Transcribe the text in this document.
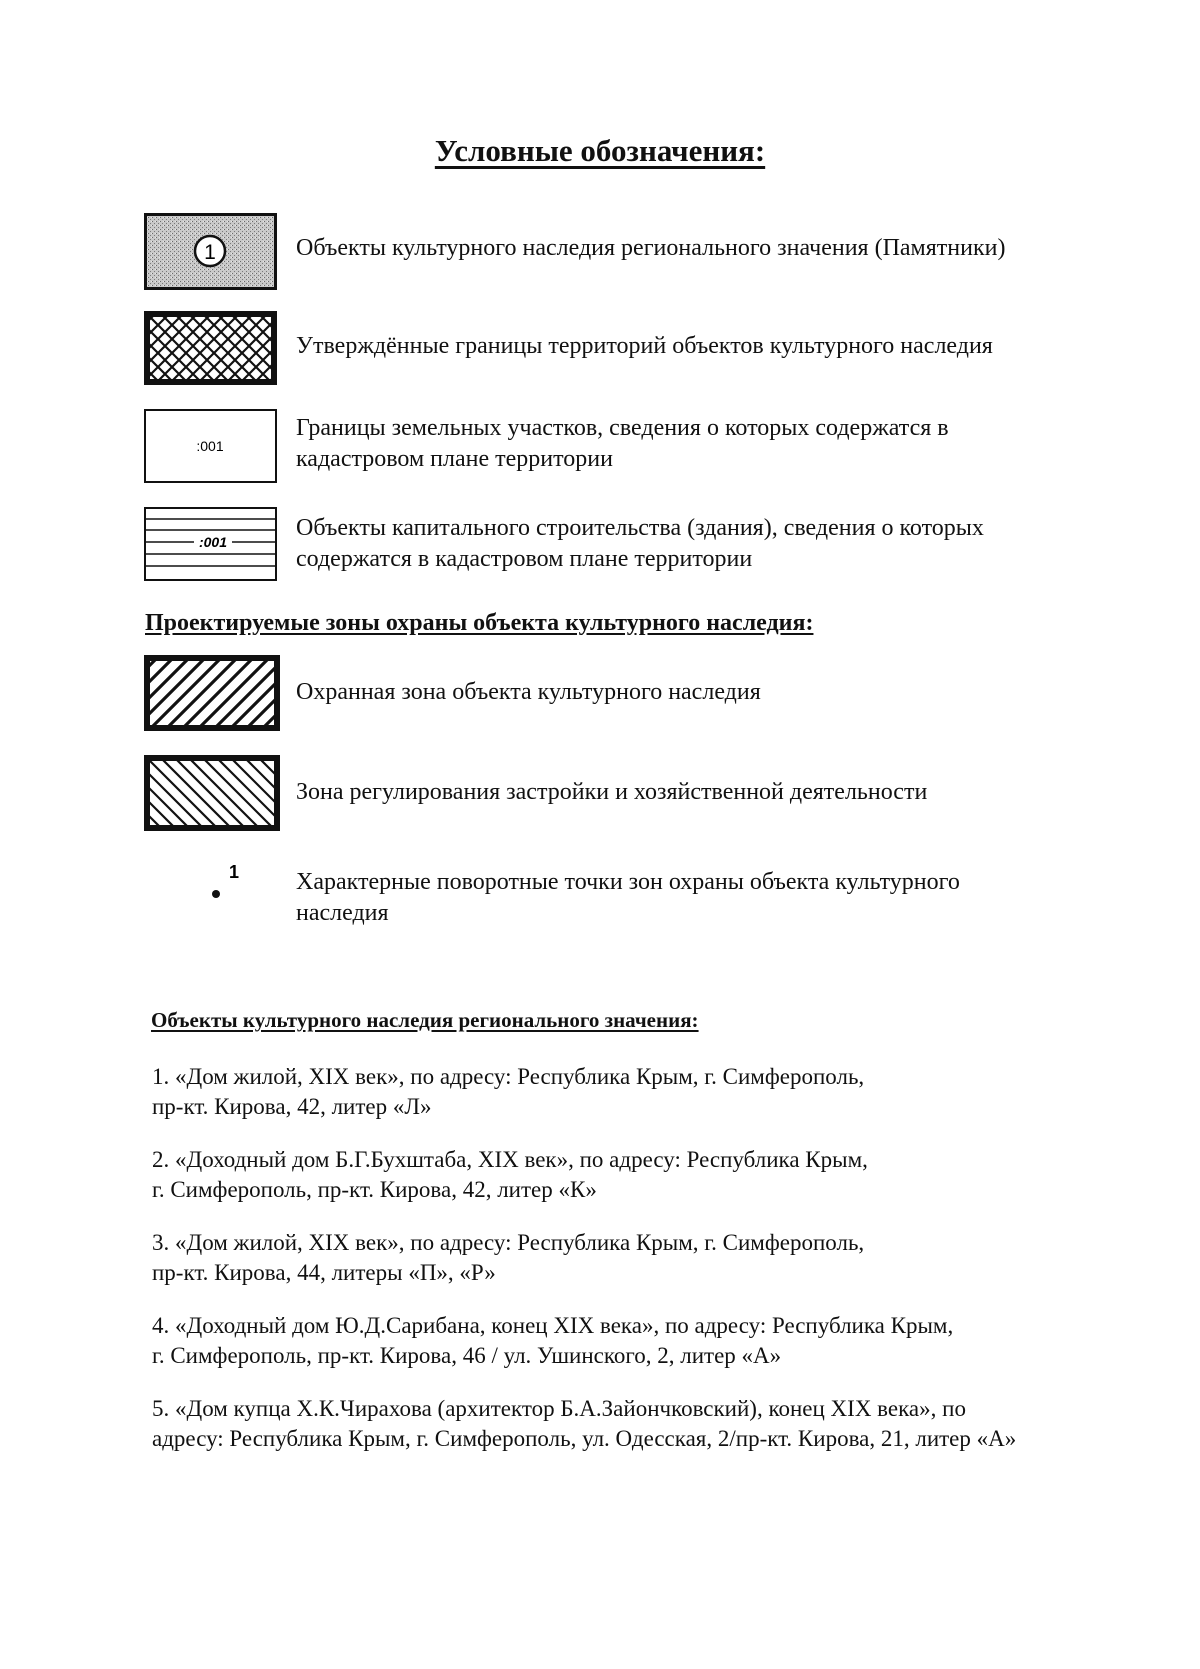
Условные обозначения:
1	Объекты культурного наследия регионального значения (Памятники)
Утверждённые границы территорий объектов культурного наследия
:001
Границы земельных участков, сведения о которых содержатся в
кадастровом плане территории
:001
Объекты капитального строительства (здания), сведения о которых
содержатся в кадастровом плане территории
Проектируемые зоны охраны объекта культурного наследия:
Охранная зона объекта культурного наследия
Зона регулирования застройки и хозяйственной деятельности
1 Характерные поворотные точки зон охраны объекта культурного
наследия
Объекты культурного наследия регионального значения:
1. «Дом жилой, XIX век», по адресу: Республика Крым, г. Симферополь,
пр-кт. Кирова, 42, литер «Л»
2. «Доходный дом Б.Г.Бухштаба, XIX век», по адресу: Республика Крым,
г. Симферополь, пр-кт. Кирова, 42, литер «К»
3. «Дом жилой, XIX век», по адресу: Республика Крым, г. Симферополь,
пр-кт. Кирова, 44, литеры «П», «Р»
4. «Доходный дом Ю.Д.Сарибана, конец XIX века», по адресу: Республика Крым,
г. Симферополь, пр-кт. Кирова, 46 / ул. Ушинского, 2, литер «А»
5. «Дом купца Х.К.Чирахова (архитектор Б.А.Зайончковский), конец XIX века», по
адресу: Республика Крым, г. Симферополь, ул. Одесская, 2/пр-кт. Кирова, 21, литер «А»
